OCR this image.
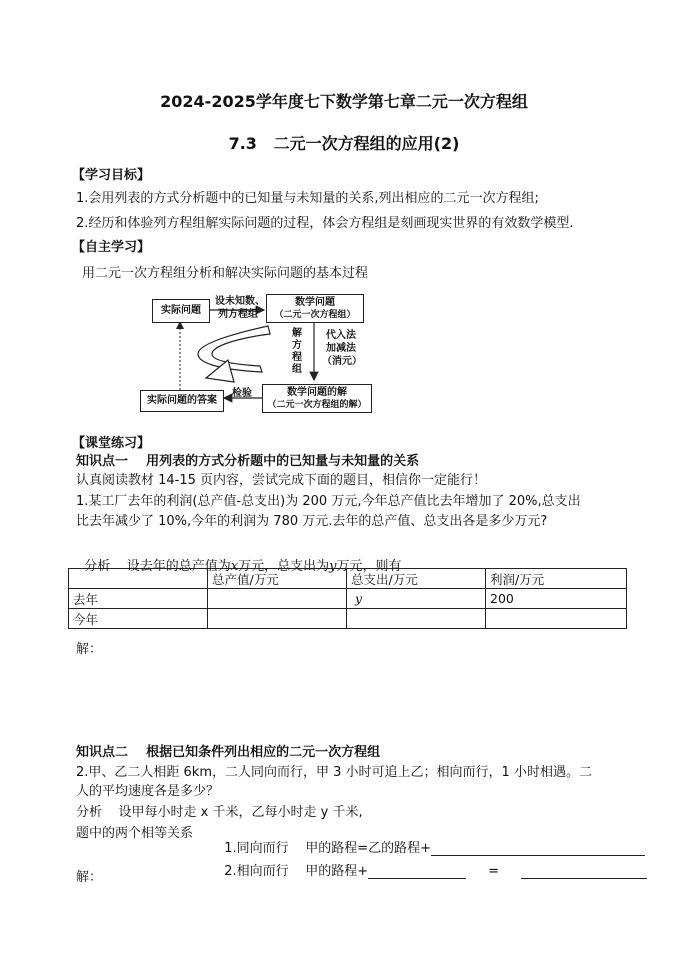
2024-2025学年度七下数学第七章二元一次方程组
7.3   二元一次方程组的应用(2)
【学习目标】
1.会用列表的方式分析题中的已知量与未知量的关系,列出相应的二元一次方程组;
2.经历和体验列方程组解实际问题的过程，体会方程组是刻画现实世界的有效数学模型.
【自主学习】
用二元一次方程组分析和解决实际问题的基本过程
实际问题
设未知数、
列方程组
数学问题
（二元一次方程组）
解
方
程
组
代入法
加减法
（消元）
数学问题的解
（二元一次方程组的解）
检验
实际问题的答案
【课堂练习】
知识点一    用列表的方式分析题中的已知量与未知量的关系
认真阅读教材 14-15 页内容，尝试完成下面的题目，相信你一定能行！
1.某工厂去年的利润(总产值-总支出)为 200 万元,今年总产值比去年增加了 20%,总支出
比去年减少了 10%,今年的利润为 780 万元.去年的总产值、总支出各是多少万元?

分析    设去年的总产值为x万元，总支出为y万元，则有

	总产值/万元	总支出/万元	利润/万元
去年		y	200
今年			
解：
知识点二    根据已知条件列出相应的二元一次方程组
2.甲、乙二人相距 6km，二人同向而行，甲 3 小时可追上乙；相向而行，1 小时相遇。二
人的平均速度各是多少？
分析    设甲每小时走 x 千米，乙每小时走 y 千米,
题中的两个相等关系

1.同向而行    甲的路程=乙的路程+

2.相向而行    甲的路程+	=

解：
